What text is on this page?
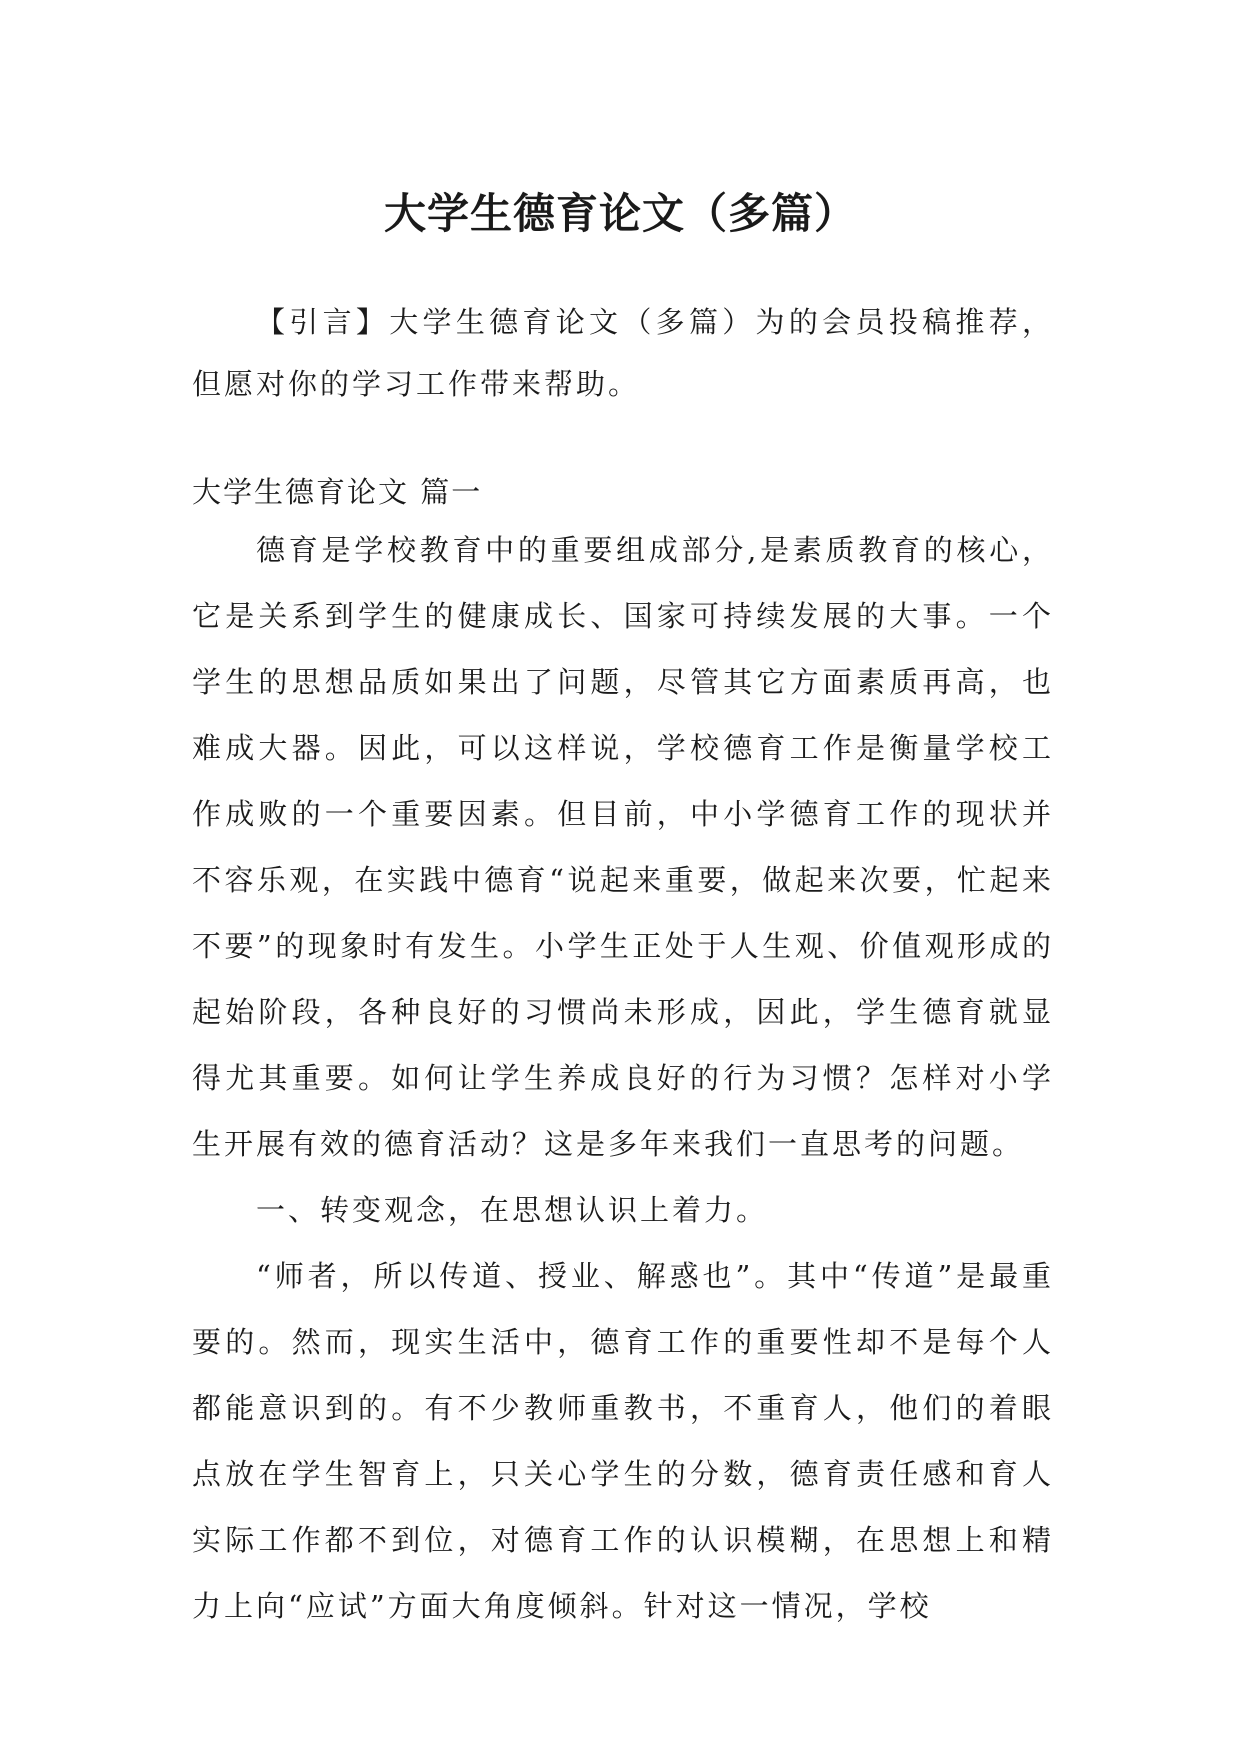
大学生德育论文（多篇）

【引言】大学生德育论文（多篇）为的会员投稿推荐，但愿对你的学习工作带来帮助。

大学生德育论文 篇一

德育是学校教育中的重要组成部分,是素质教育的核心，它是关系到学生的健康成长、国家可持续发展的大事。一个学生的思想品质如果出了问题，尽管其它方面素质再高，也难成大器。因此，可以这样说，学校德育工作是衡量学校工作成败的一个重要因素。但目前，中小学德育工作的现状并不容乐观，在实践中德育“说起来重要，做起来次要，忙起来不要”的现象时有发生。小学生正处于人生观、价值观形成的起始阶段，各种良好的习惯尚未形成，因此，学生德育就显得尤其重要。如何让学生养成良好的行为习惯？怎样对小学生开展有效的德育活动？这是多年来我们一直思考的问题。

一、转变观念，在思想认识上着力。

“师者，所以传道、授业、解惑也”。其中“传道”是最重要的。然而，现实生活中，德育工作的重要性却不是每个人都能意识到的。有不少教师重教书，不重育人，他们的着眼点放在学生智育上，只关心学生的分数，德育责任感和育人实际工作都不到位，对德育工作的认识模糊，在思想上和精力上向“应试”方面大角度倾斜。针对这一情况，学校
